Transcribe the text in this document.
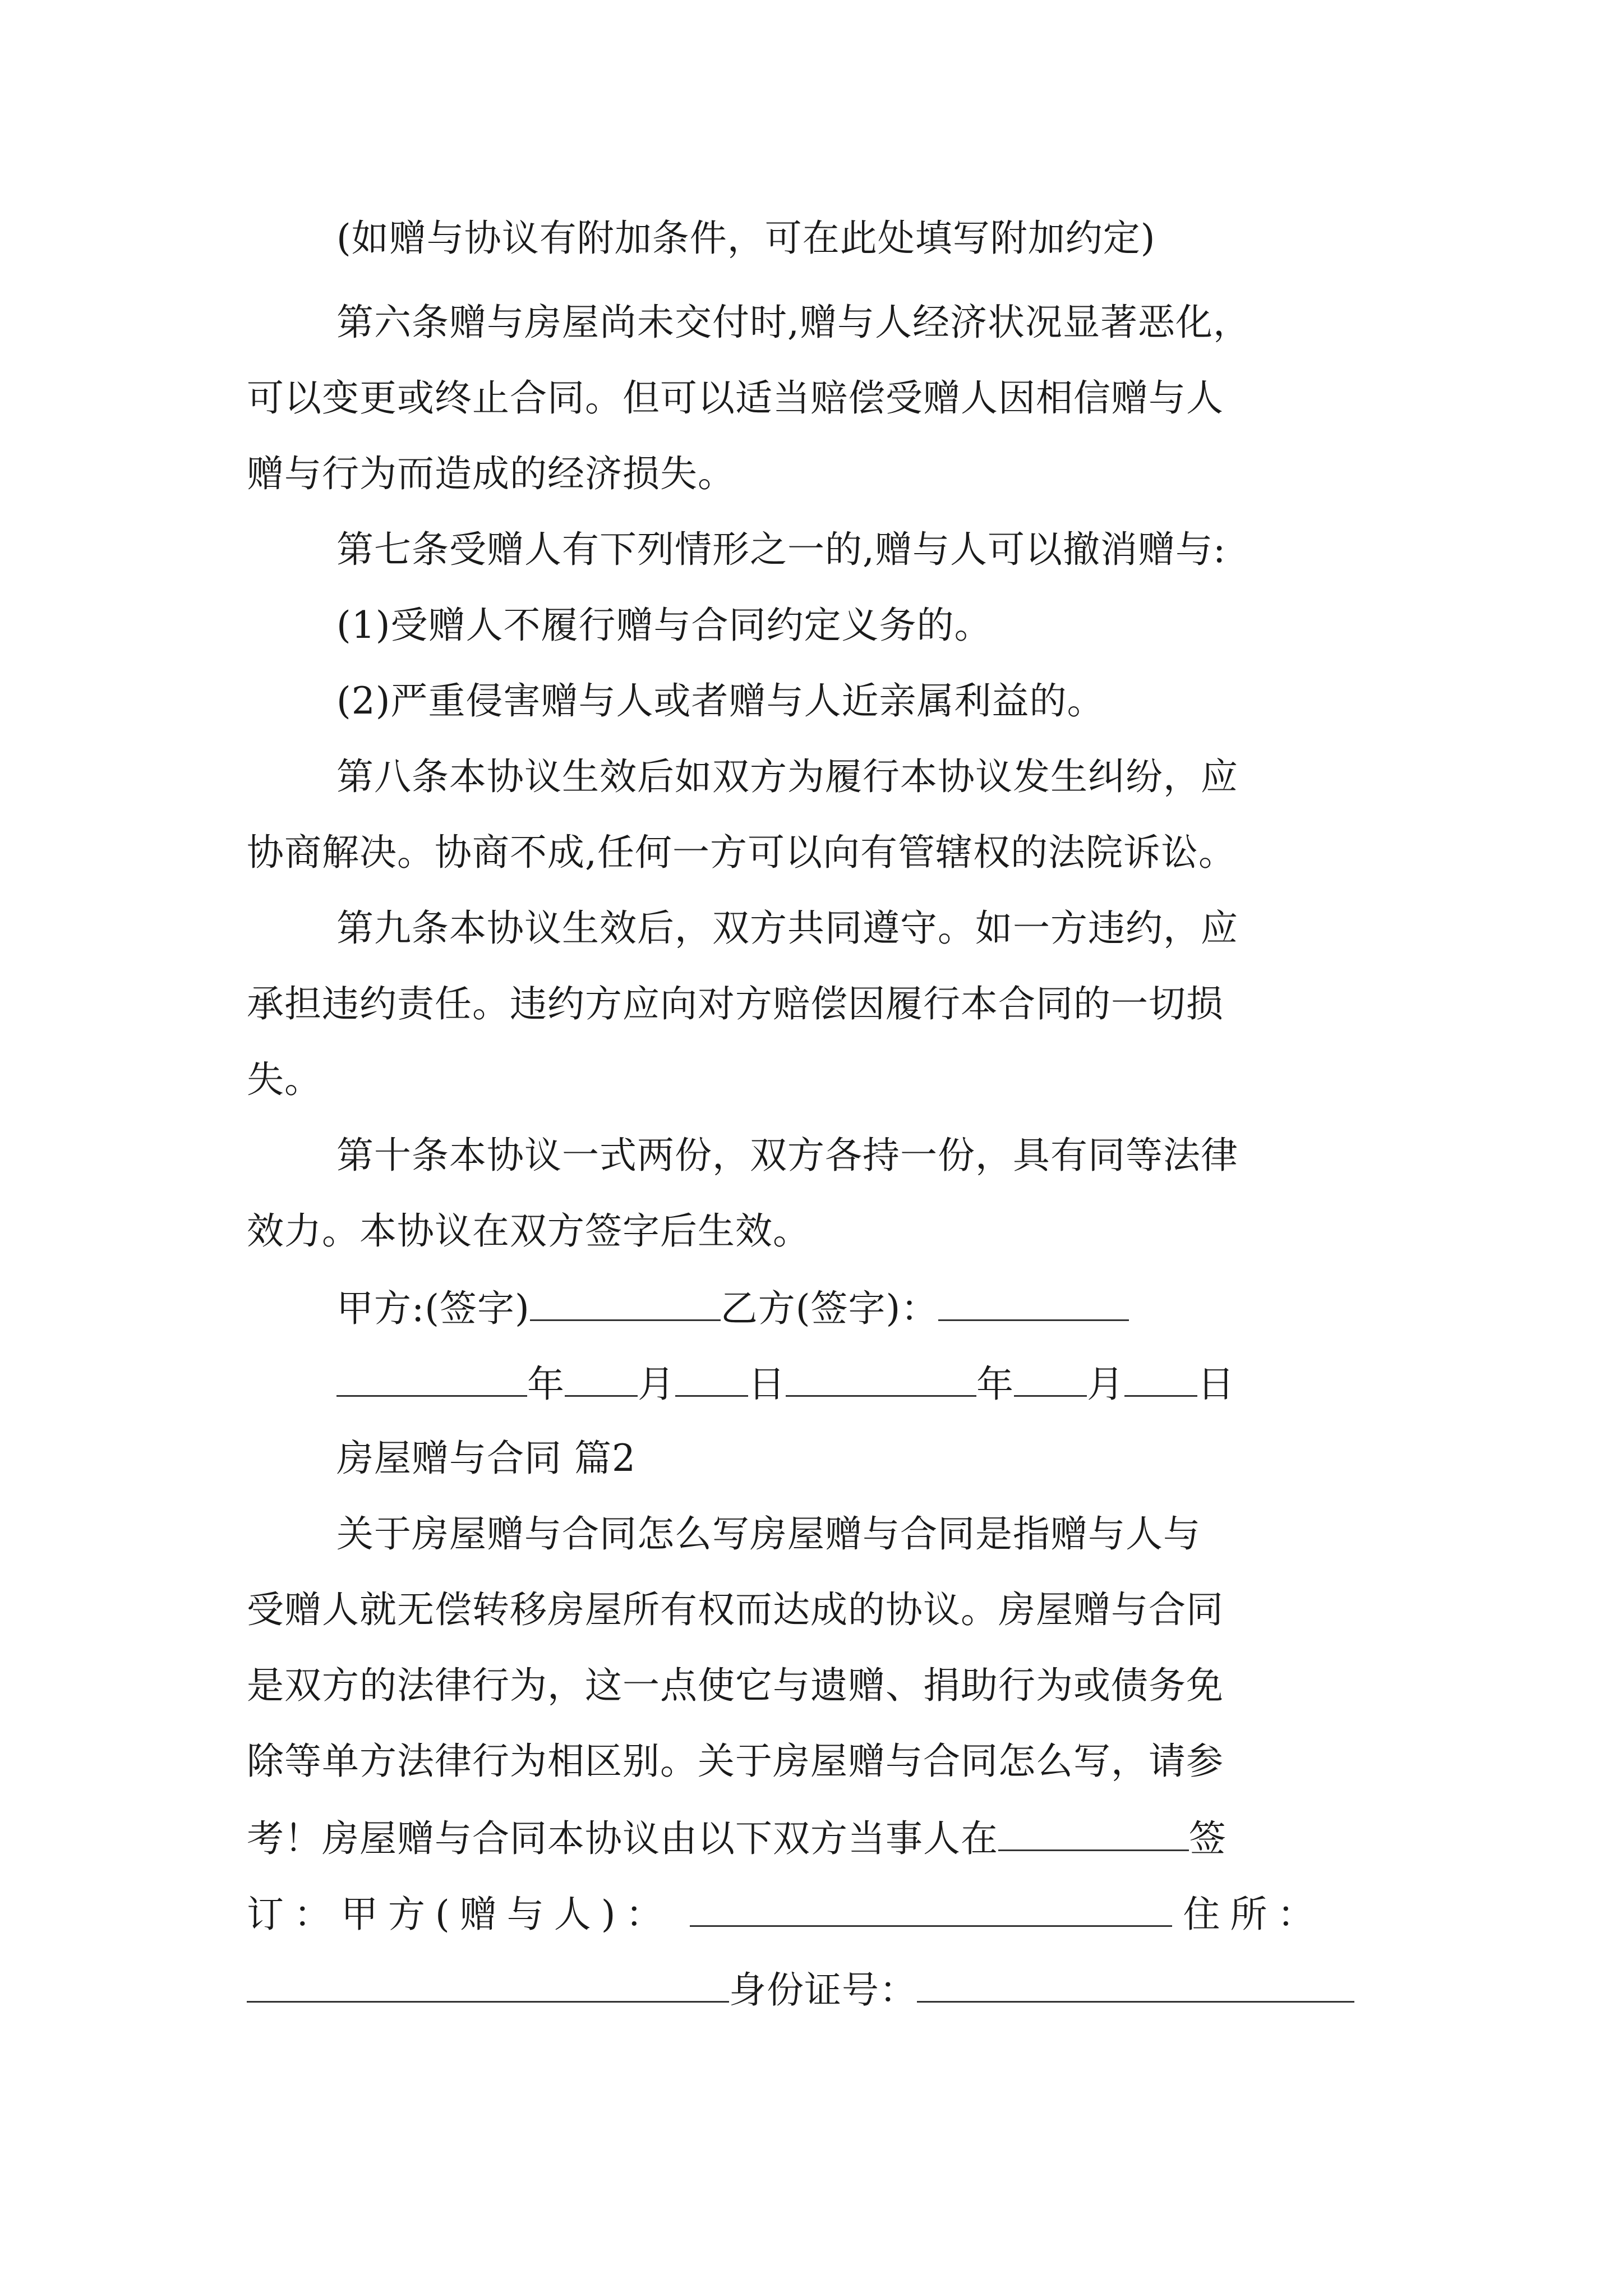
(如赠与协议有附加条件，可在此处填写附加约定)
第六条赠与房屋尚未交付时,赠与人经济状况显著恶化，
可以变更或终止合同。但可以适当赔偿受赠人因相信赠与人
赠与行为而造成的经济损失。
第七条受赠人有下列情形之一的,赠与人可以撤消赠与:
(1)受赠人不履行赠与合同约定义务的。
(2)严重侵害赠与人或者赠与人近亲属利益的。
第八条本协议生效后如双方为履行本协议发生纠纷，应
协商解决。协商不成,任何一方可以向有管辖权的法院诉讼。
第九条本协议生效后，双方共同遵守。如一方违约，应
承担违约责任。违约方应向对方赔偿因履行本合同的一切损
失。
第十条本协议一式两份，双方各持一份，具有同等法律
效力。本协议在双方签字后生效。
甲方:(签字)	乙方(签字)：
年 月 日	年 月 日
房屋赠与合同 篇2
关于房屋赠与合同怎么写房屋赠与合同是指赠与人与
受赠人就无偿转移房屋所有权而达成的协议。房屋赠与合同
是双方的法律行为，这一点使它与遗赠、捐助行为或债务免
除等单方法律行为相区别。关于房屋赠与合同怎么写，请参
考！房屋赠与合同本协议由以下双方当事人在	签
订：甲方(赠与人)：	住所：
身份证号：
